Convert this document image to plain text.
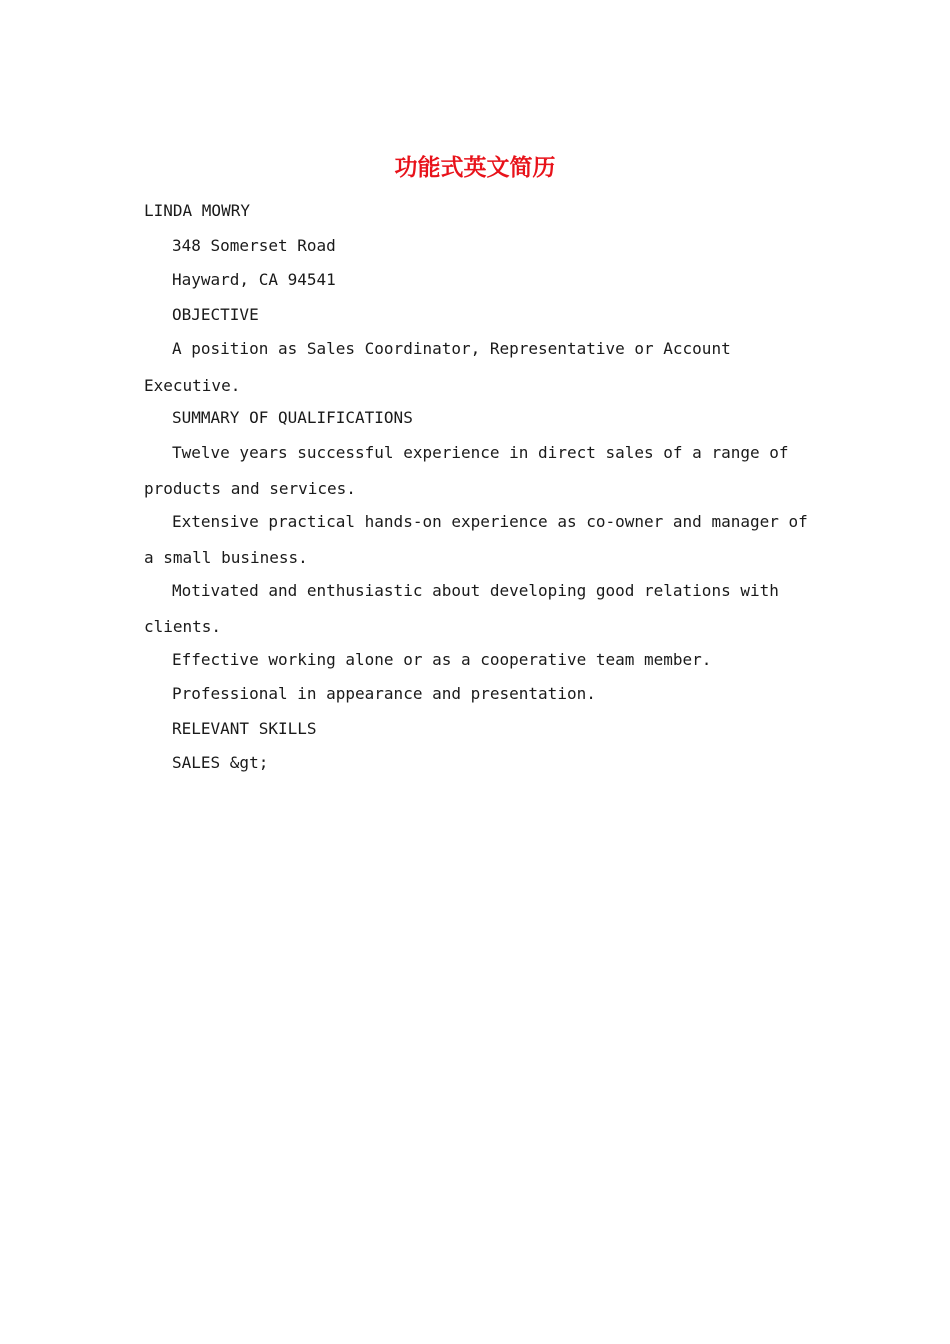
功能式英文简历

LINDA MOWRY

348 Somerset Road

Hayward, CA 94541

OBJECTIVE

A position as Sales Coordinator, Representative or Account
Executive.

SUMMARY OF QUALIFICATIONS

Twelve years successful experience in direct sales of a range of
products and services.
Extensive practical hands-on experience as co-owner and manager of
a small business.
Motivated and enthusiastic about developing good relations with
clients.

Effective working alone or as a cooperative team member.

Professional in appearance and presentation.

RELEVANT SKILLS

SALES &gt;
